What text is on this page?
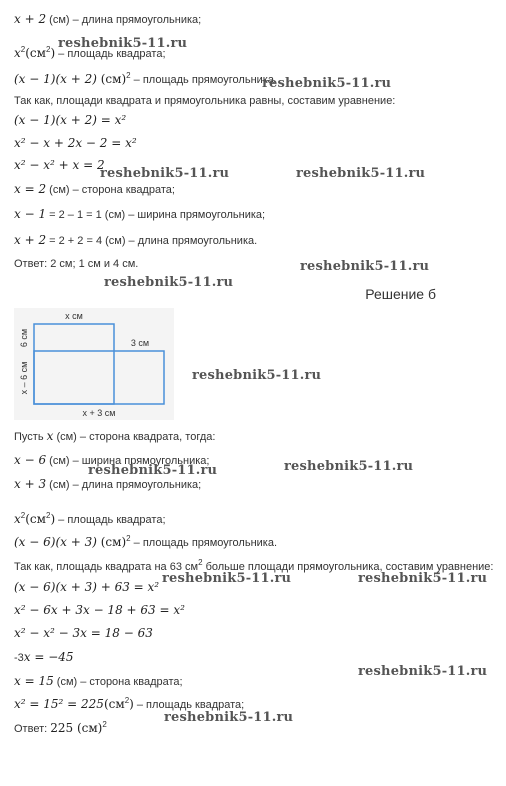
x + 2 (см) – длина прямоугольника;
$x^2(см^2)$ – площадь квадрата;
(x − 1)(x + 2) (см)$^2$ – площадь прямоугольника.
Так как, площади квадрата и прямоугольника равны, составим уравнение:
(x − 1)(x + 2) = x²
x² − x + 2x − 2 = x²
x² − x² + x = 2
x = 2 (см) – сторона квадрата;
x − 1 = 2 – 1 = 1 (см) – ширина прямоугольника;
x + 2 = 2 + 2 = 4 (см) – длина прямоугольника.
Ответ: 2 см; 1 см и 4 см.
Решение б
x см
6 см
x – 6 см
3 см
x + 3 см
Пусть x (см) – сторона квадрата, тогда:
x − 6 (см) – ширина прямоугольника;
x + 3 (см) – длина прямоугольника;
$x^2(см^2)$ – площадь квадрата;
(x − 6)(x + 3) (см)$^2$ – площадь прямоугольника.
Так как, площадь квадрата на 63 $см^2$ больше площади прямоугольника, составим уравнение:
(x − 6)(x + 3) + 63 = x²
x² − 6x + 3x − 18 + 63 = x²
x² − x² − 3x = 18 − 63
-3x = −45
x = 15 (см) – сторона квадрата;
$x^2 = 15^2 = 225(см^2)$ – площадь квадрата;
Ответ: 225 (см)$^2$
reshebnik5-11.ru
reshebnik5-11.ru
reshebnik5-11.ru	reshebnik5-11.ru
reshebnik5-11.ru
reshebnik5-11.ru
reshebnik5-11.ru
reshebnik5-11.ru	reshebnik5-11.ru
reshebnik5-11.ru	reshebnik5-11.ru
reshebnik5-11.ru
reshebnik5-11.ru
